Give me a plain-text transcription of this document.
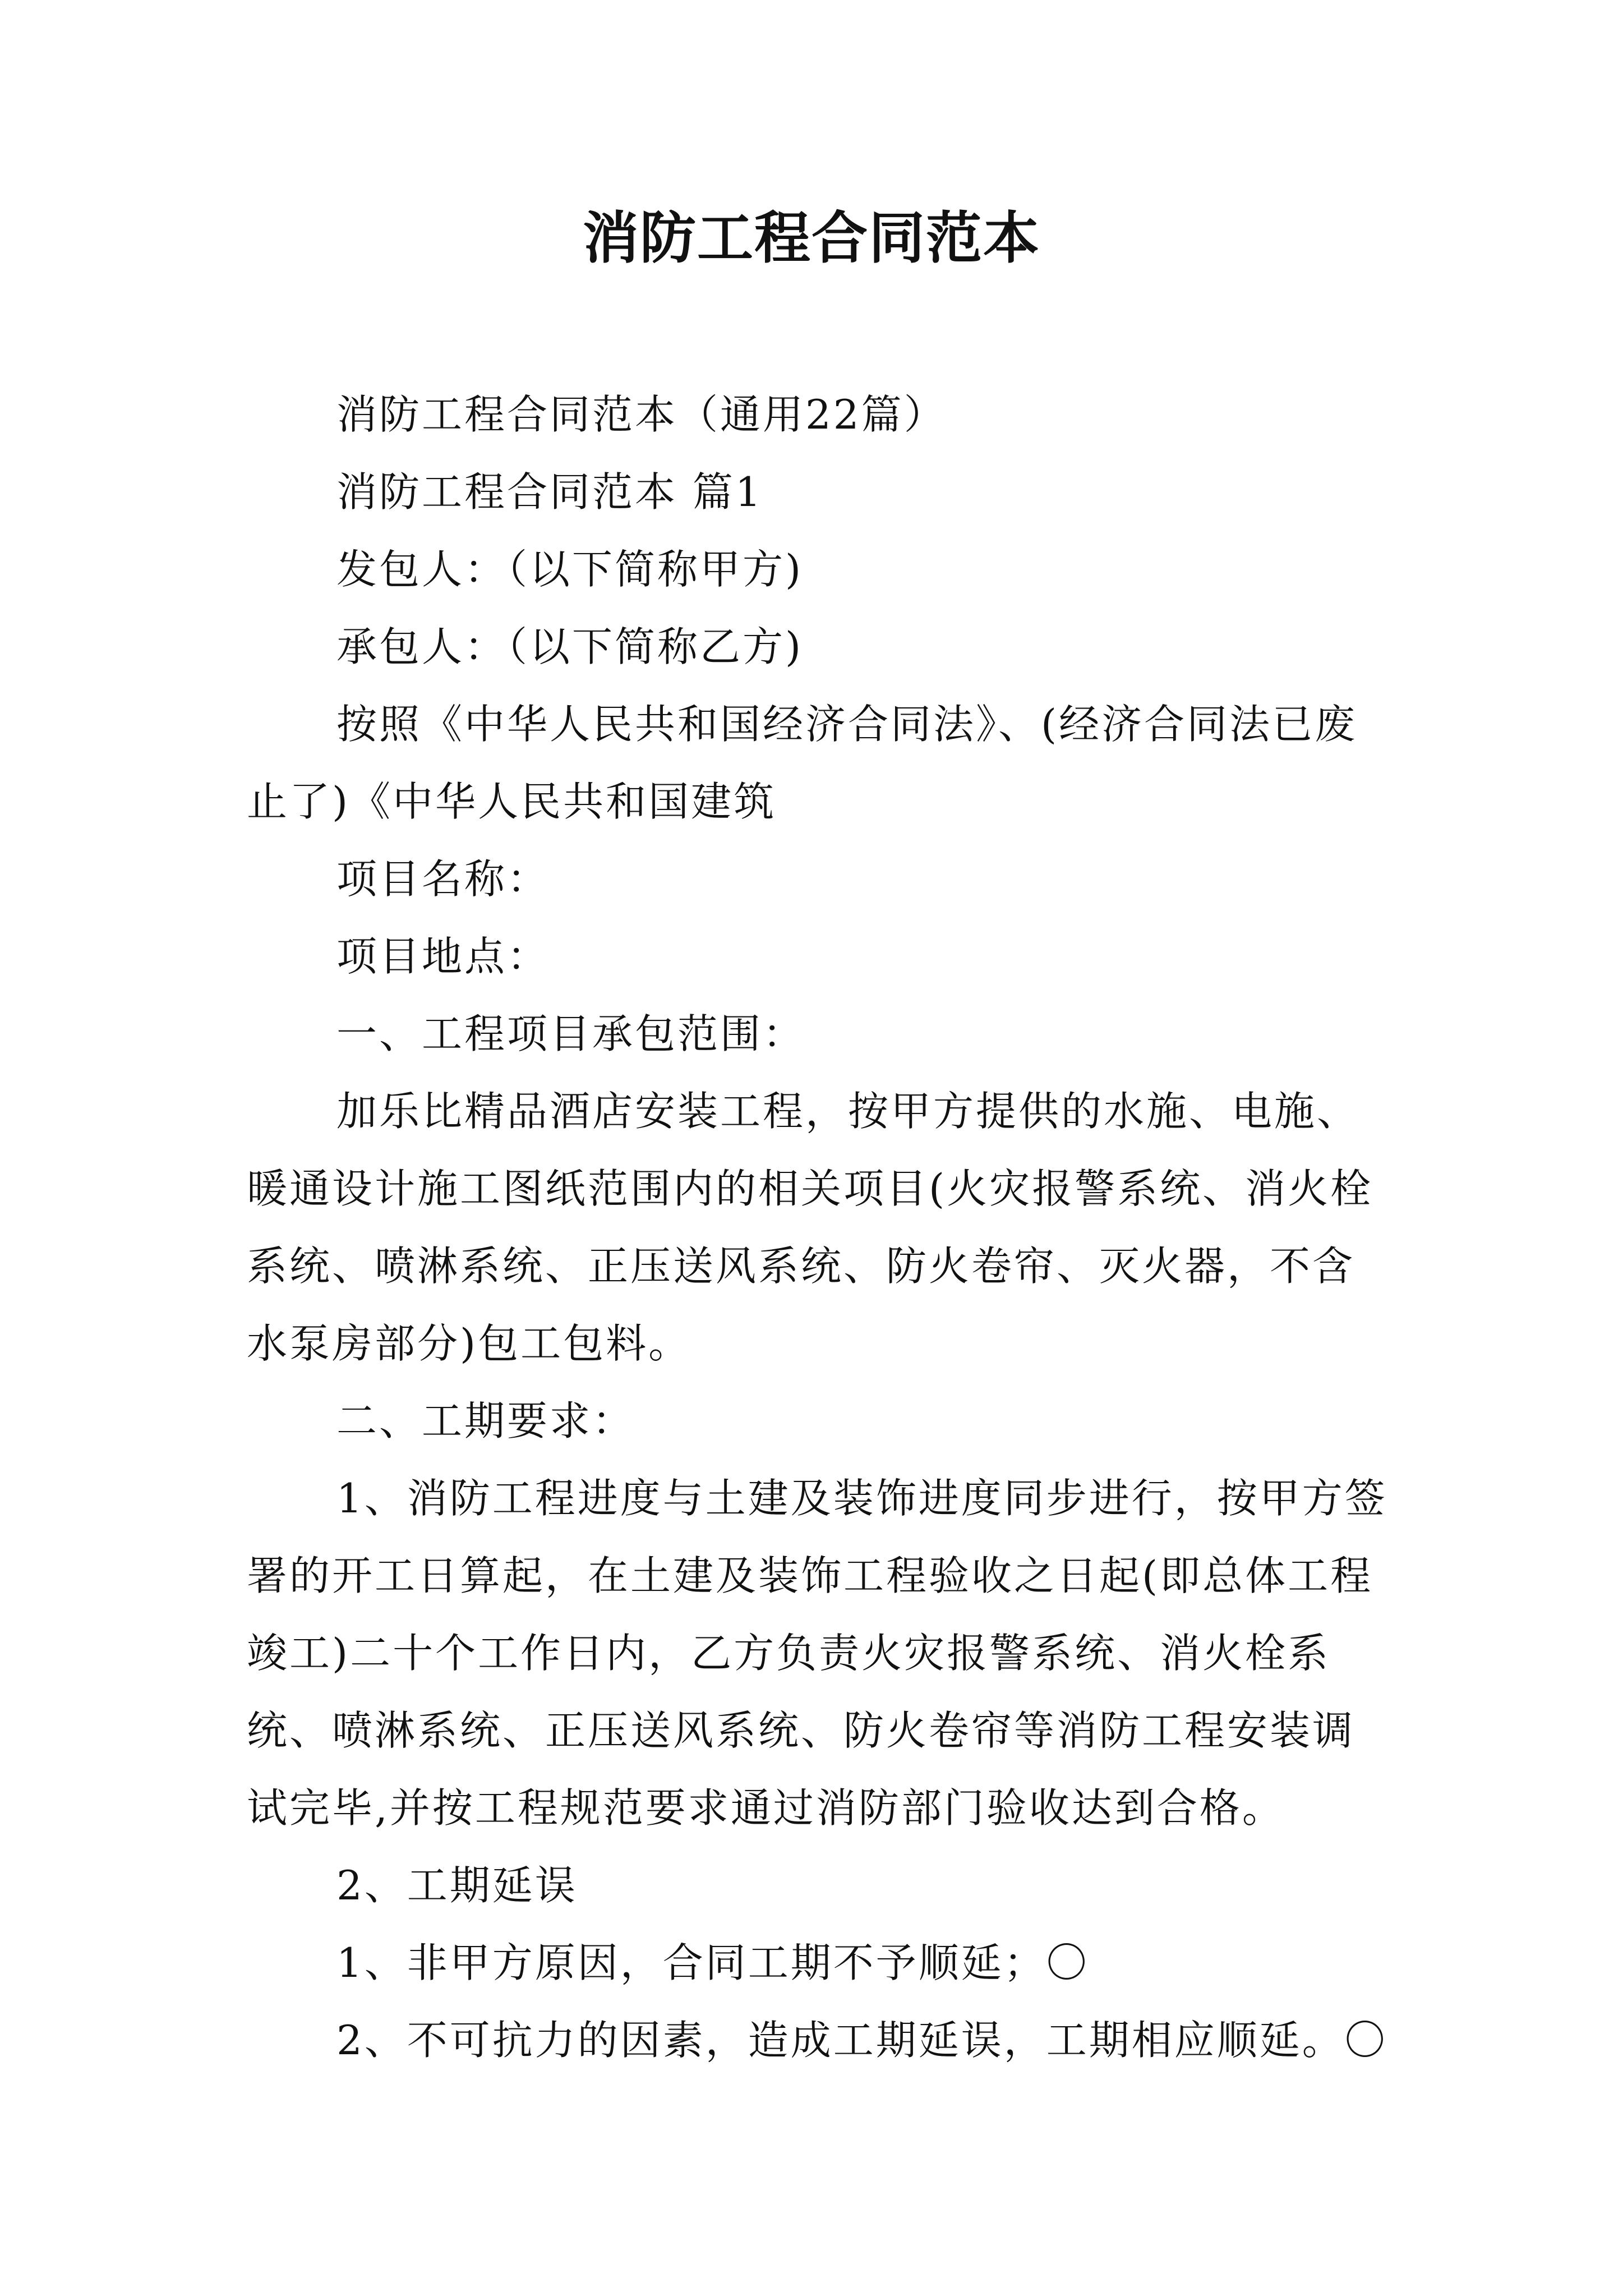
消防工程合同范本

消防工程合同范本（通用22篇）

消防工程合同范本 篇1

发包人：（以下简称甲方)

承包人：（以下简称乙方)

按照《中华人民共和国经济合同法》、(经济合同法已废止了)《中华人民共和国建筑

项目名称：

项目地点：

一、工程项目承包范围：

加乐比精品酒店安装工程，按甲方提供的水施、电施、暖通设计施工图纸范围内的相关项目(火灾报警系统、消火栓系统、喷淋系统、正压送风系统、防火卷帘、灭火器，不含水泵房部分)包工包料。

二、工期要求：

1、消防工程进度与土建及装饰进度同步进行，按甲方签署的开工日算起，在土建及装饰工程验收之日起(即总体工程竣工)二十个工作日内，乙方负责火灾报警系统、消火栓系统、喷淋系统、正压送风系统、防火卷帘等消防工程安装调试完毕,并按工程规范要求通过消防部门验收达到合格。

2、工期延误

1、非甲方原因，合同工期不予顺延；〇

2、不可抗力的因素，造成工期延误，工期相应顺延。〇
